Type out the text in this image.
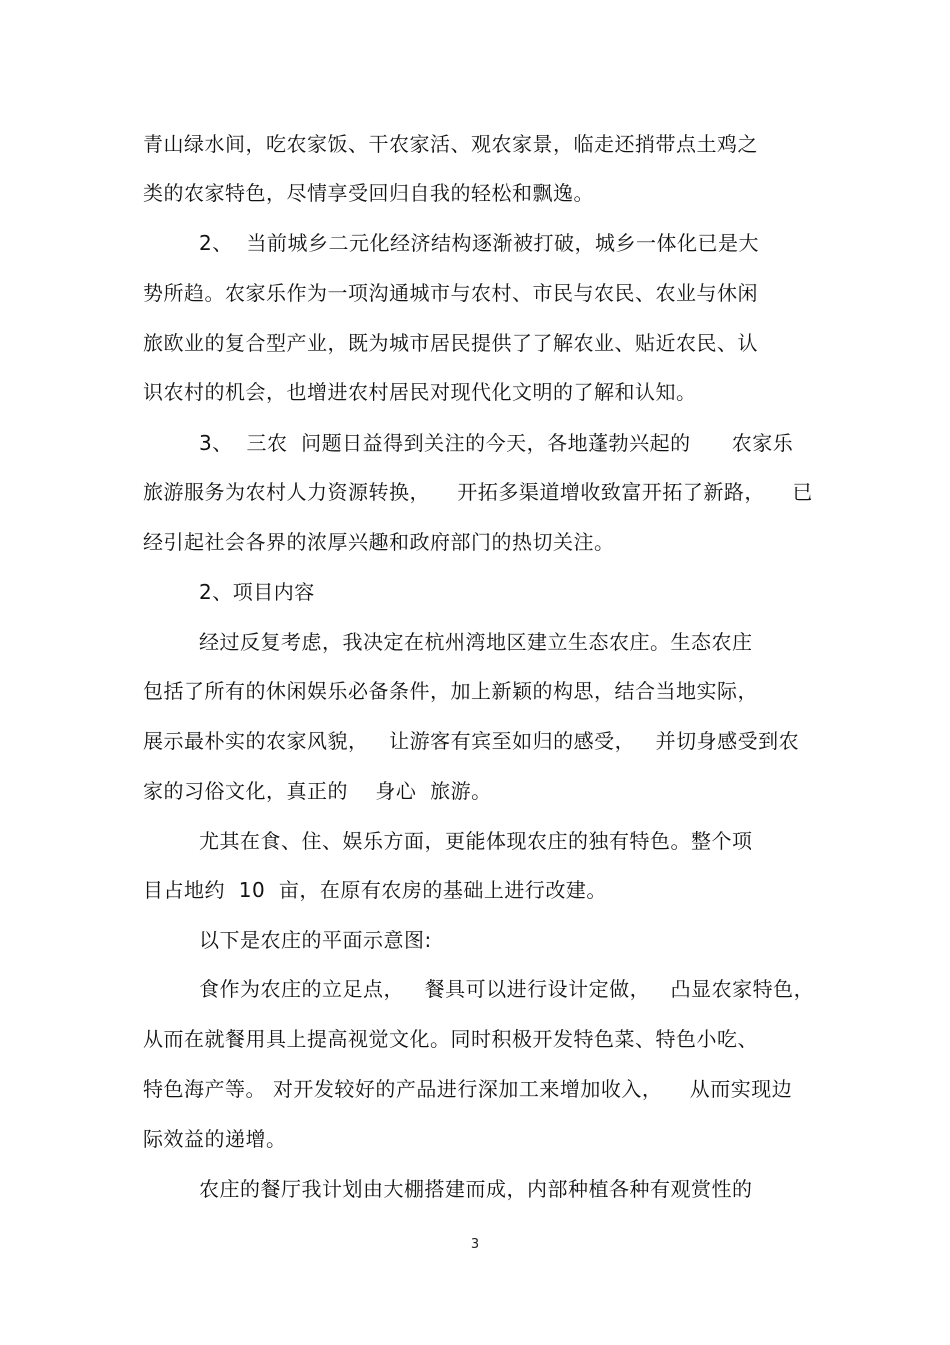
青山绿水间，吃农家饭、干农家活、观农家景，临走还捎带点土鸡之
类的农家特色，尽情享受回归自我的轻松和飘逸。
2、  当前城乡二元化经济结构逐渐被打破，城乡一体化已是大
势所趋。农家乐作为一项沟通城市与农村、市民与农民、农业与休闲
旅欧业的复合型产业，既为城市居民提供了了解农业、贴近农民、认
识农村的机会，也增进农村居民对现代化文明的了解和认知。
3、  三农  问题日益得到关注的今天，各地蓬勃兴起的      农家乐
旅游服务为农村人力资源转换，    开拓多渠道增收致富开拓了新路，    已
经引起社会各界的浓厚兴趣和政府部门的热切关注。
2、项目内容
经过反复考虑，我决定在杭州湾地区建立生态农庄。生态农庄
包括了所有的休闲娱乐必备条件，加上新颖的构思，结合当地实际，
展示最朴实的农家风貌，   让游客有宾至如归的感受，   并切身感受到农
家的习俗文化，真正的    身心  旅游。
尤其在食、住、娱乐方面，更能体现农庄的独有特色。整个项
目占地约  10  亩，在原有农房的基础上进行改建。
以下是农庄的平面示意图:
食作为农庄的立足点，   餐具可以进行设计定做，   凸显农家特色，
从而在就餐用具上提高视觉文化。同时积极开发特色菜、特色小吃、
特色海产等。 对开发较好的产品进行深加工来增加收入，    从而实现边
际效益的递增。
农庄的餐厅我计划由大棚搭建而成，内部种植各种有观赏性的
3
